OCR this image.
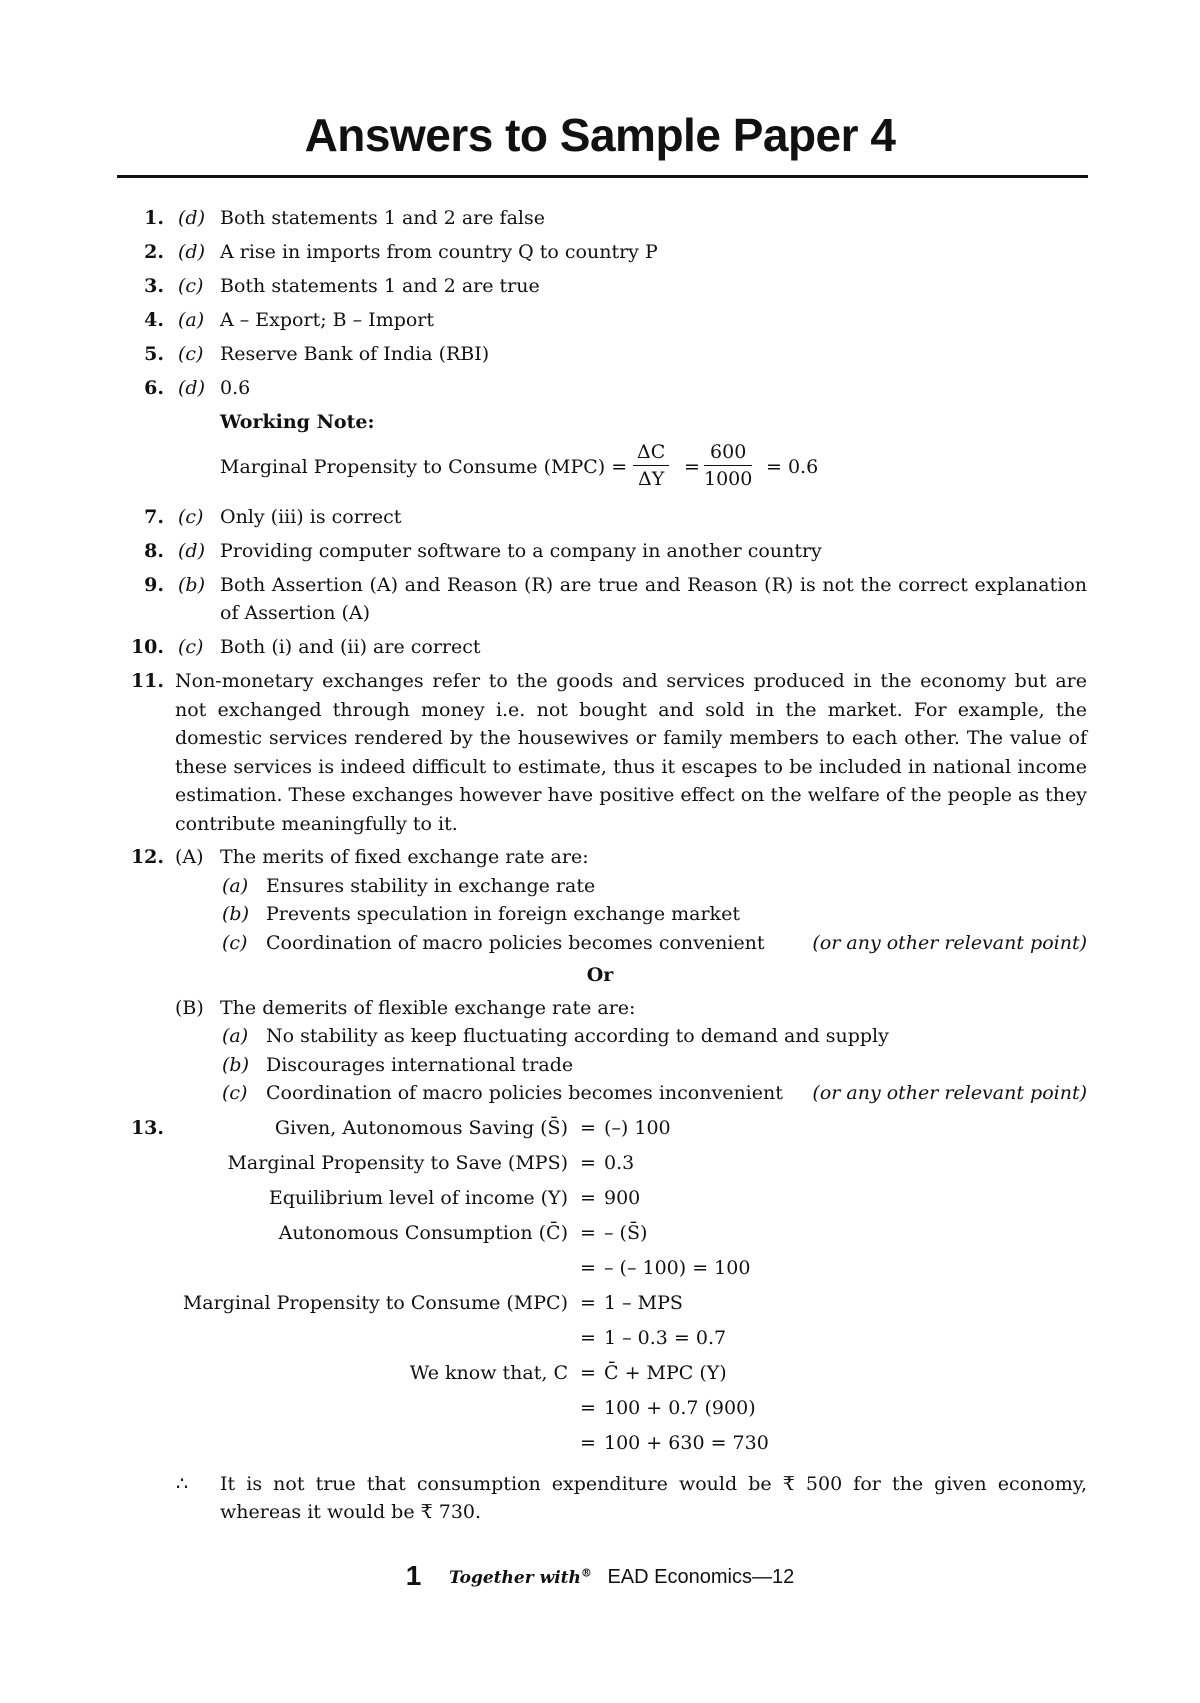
Answers to Sample Paper 4
1. (d) Both statements 1 and 2 are false
2. (d) A rise in imports from country Q to country P
3. (c) Both statements 1 and 2 are true
4. (a) A – Export; B – Import
5. (c) Reserve Bank of India (RBI)
6. (d) 0.6
Working Note:
Marginal Propensity to Consume $(MPC) = \frac{\Delta C}{\Delta Y} = \frac{600}{1000} = 0.6$
7. (c) Only (iii) is correct
8. (d) Providing computer software to a company in another country
9. (b) Both Assertion (A) and Reason (R) are true and Reason (R) is not the correct explanation of Assertion (A)
10. (c) Both (i) and (ii) are correct
11. Non-monetary exchanges refer to the goods and services produced in the economy but are not exchanged through money i.e. not bought and sold in the market. For example, the domestic services rendered by the housewives or family members to each other. The value of these services is indeed difficult to estimate, thus it escapes to be included in national income estimation. These exchanges however have positive effect on the welfare of the people as they contribute meaningfully to it.
12. (A) The merits of fixed exchange rate are:
(a) Ensures stability in exchange rate
(b) Prevents speculation in foreign exchange market
(c) Coordination of macro policies becomes convenient	(or any other relevant point)
Or
(B) The demerits of flexible exchange rate are:
(a) No stability as keep fluctuating according to demand and supply
(b) Discourages international trade
(c) Coordination of macro policies becomes inconvenient (or any other relevant point)
13.	Given, Autonomous Saving (S̄) = (–) 100
Marginal Propensity to Save (MPS) = 0.3
Equilibrium level of income (Y) = 900
Autonomous Consumption (C̄) = – (S̄)
= – (– 100) = 100
Marginal Propensity to Consume (MPC) = 1 – MPS
= 1 – 0.3 = 0.7
We know that, C = C̄ + MPC (Y)
= 100 + 0.7 (900)
= 100 + 630 = 730
∴ It is not true that consumption expenditure would be ₹ 500 for the given economy, whereas it would be ₹ 730.
1 Together with® EAD Economics—12
